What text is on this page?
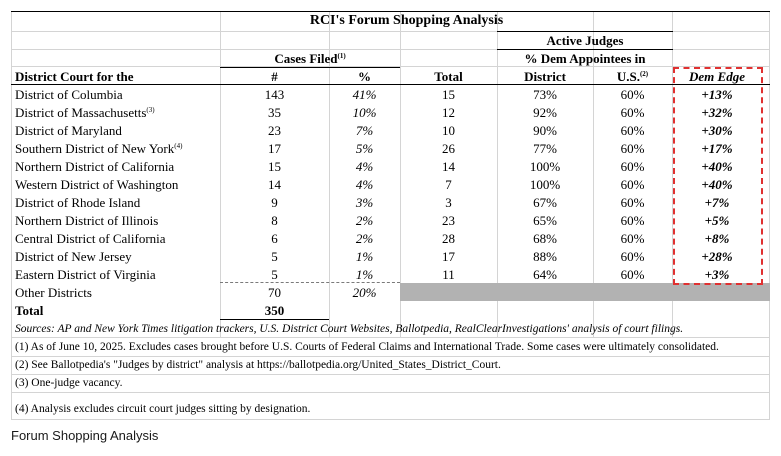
RCI's Forum Shopping Analysis
Active Judges
Cases Filed$^{(1)}$	% Dem Appointees in
District Court for the	#	%	Total	District	U.S.$^{(2)}$	Dem Edge
District of Columbia	143	41%	15	73%	60%	+13%
District of Massachusetts$^{(3)}$	35	10%	12	92%	60%	+32%
District of Maryland	23	7%	10	90%	60%	+30%
Southern District of New York$^{(4)}$	17	5%	26	77%	60%	+17%
Northern District of California	15	4%	14	100%	60%	+40%
Western District of Washington	14	4%	7	100%	60%	+40%
District of Rhode Island	9	3%	3	67%	60%	+7%
Northern District of Illinois	8	2%	23	65%	60%	+5%
Central District of California	6	2%	28	68%	60%	+8%
District of New Jersey	5	1%	17	88%	60%	+28%
Eastern District of Virginia	5	1%	11	64%	60%	+3%
Other Districts	70	20%
Total	350
Sources: AP and New York Times litigation trackers, U.S. District Court Websites, Ballotpedia, RealClearInvestigations' analysis of court filings.
(1) As of June 10, 2025. Excludes cases brought before U.S. Courts of Federal Claims and International Trade. Some cases were ultimately consolidated.
(2) See Ballotpedia's "Judges by district" analysis at https://ballotpedia.org/United_States_District_Court.
(3) One-judge vacancy.
(4) Analysis excludes circuit court judges sitting by designation.
Forum Shopping Analysis
